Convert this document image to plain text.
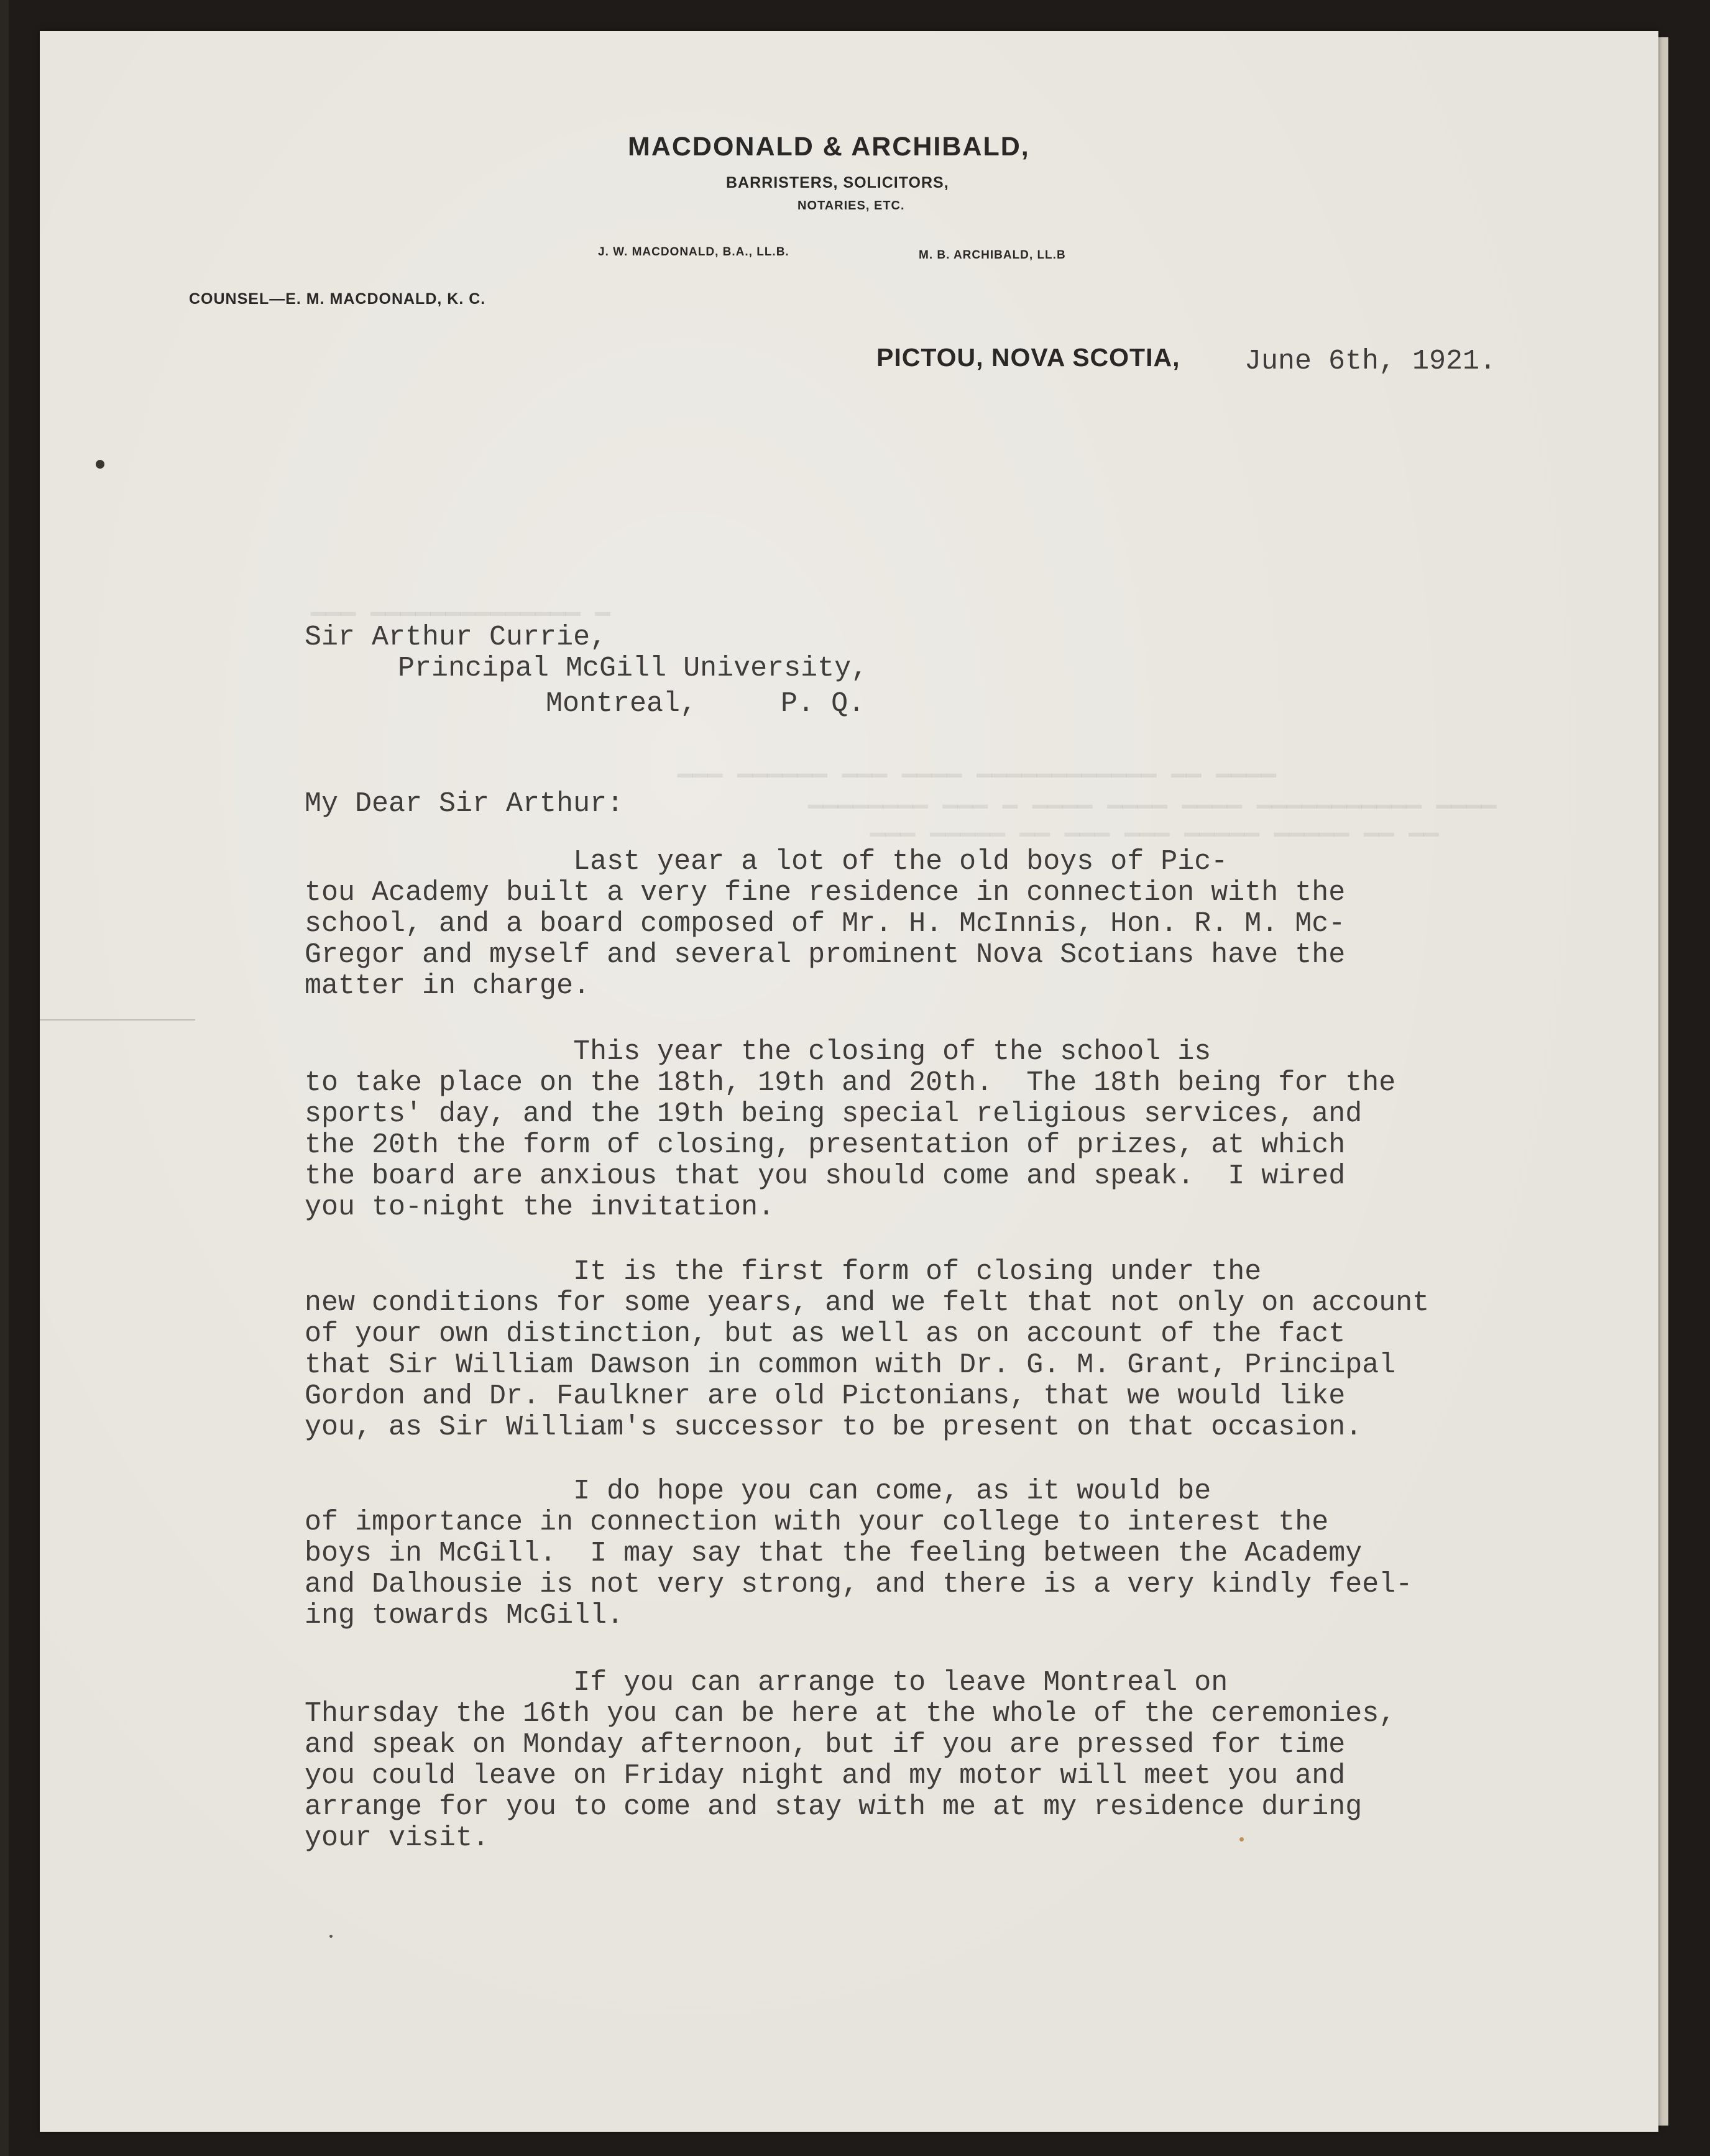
▁▁▁ ▁▁▁▁▁▁▁▁▁▁▁▁▁▁ ▁
▁▁▁ ▁▁▁▁▁▁ ▁▁▁ ▁▁▁▁ ▁▁▁▁▁▁▁▁▁▁▁▁ ▁▁ ▁▁▁▁
▁▁▁▁▁▁▁▁ ▁▁▁ ▁ ▁▁▁▁ ▁▁▁▁ ▁▁▁▁ ▁▁▁▁▁▁▁▁▁▁▁ ▁▁▁▁
▁▁▁ ▁▁▁▁▁ ▁▁ ▁▁▁ ▁▁▁ ▁▁▁▁▁ ▁▁▁▁▁ ▁▁ ▁▁
MACDONALD & ARCHIBALD,
BARRISTERS, SOLICITORS,
NOTARIES, ETC.
J. W. MACDONALD, B.A., LL.B.	M. B. ARCHIBALD, LL.B
COUNSEL—E. M. MACDONALD, K. C.
PICTOU, NOVA SCOTIA, June 6th, 1921.
Sir Arthur Currie,
Principal McGill University,
Montreal,     P. Q.
My Dear Sir Arthur:
Last year a lot of the old boys of Pic-
tou Academy built a very fine residence in connection with the
school, and a board composed of Mr. H. McInnis, Hon. R. M. Mc-
Gregor and myself and several prominent Nova Scotians have the
matter in charge.
This year the closing of the school is
to take place on the 18th, 19th and 20th.  The 18th being for the
sports' day, and the 19th being special religious services, and
the 20th the form of closing, presentation of prizes, at which
the board are anxious that you should come and speak.  I wired
you to-night the invitation.
It is the first form of closing under the
new conditions for some years, and we felt that not only on account
of your own distinction, but as well as on account of the fact
that Sir William Dawson in common with Dr. G. M. Grant, Principal
Gordon and Dr. Faulkner are old Pictonians, that we would like
you, as Sir William's successor to be present on that occasion.
I do hope you can come, as it would be
of importance in connection with your college to interest the
boys in McGill.  I may say that the feeling between the Academy
and Dalhousie is not very strong, and there is a very kindly feel-
ing towards McGill.
If you can arrange to leave Montreal on
Thursday the 16th you can be here at the whole of the ceremonies,
and speak on Monday afternoon, but if you are pressed for time
you could leave on Friday night and my motor will meet you and
arrange for you to come and stay with me at my residence during
your visit.
